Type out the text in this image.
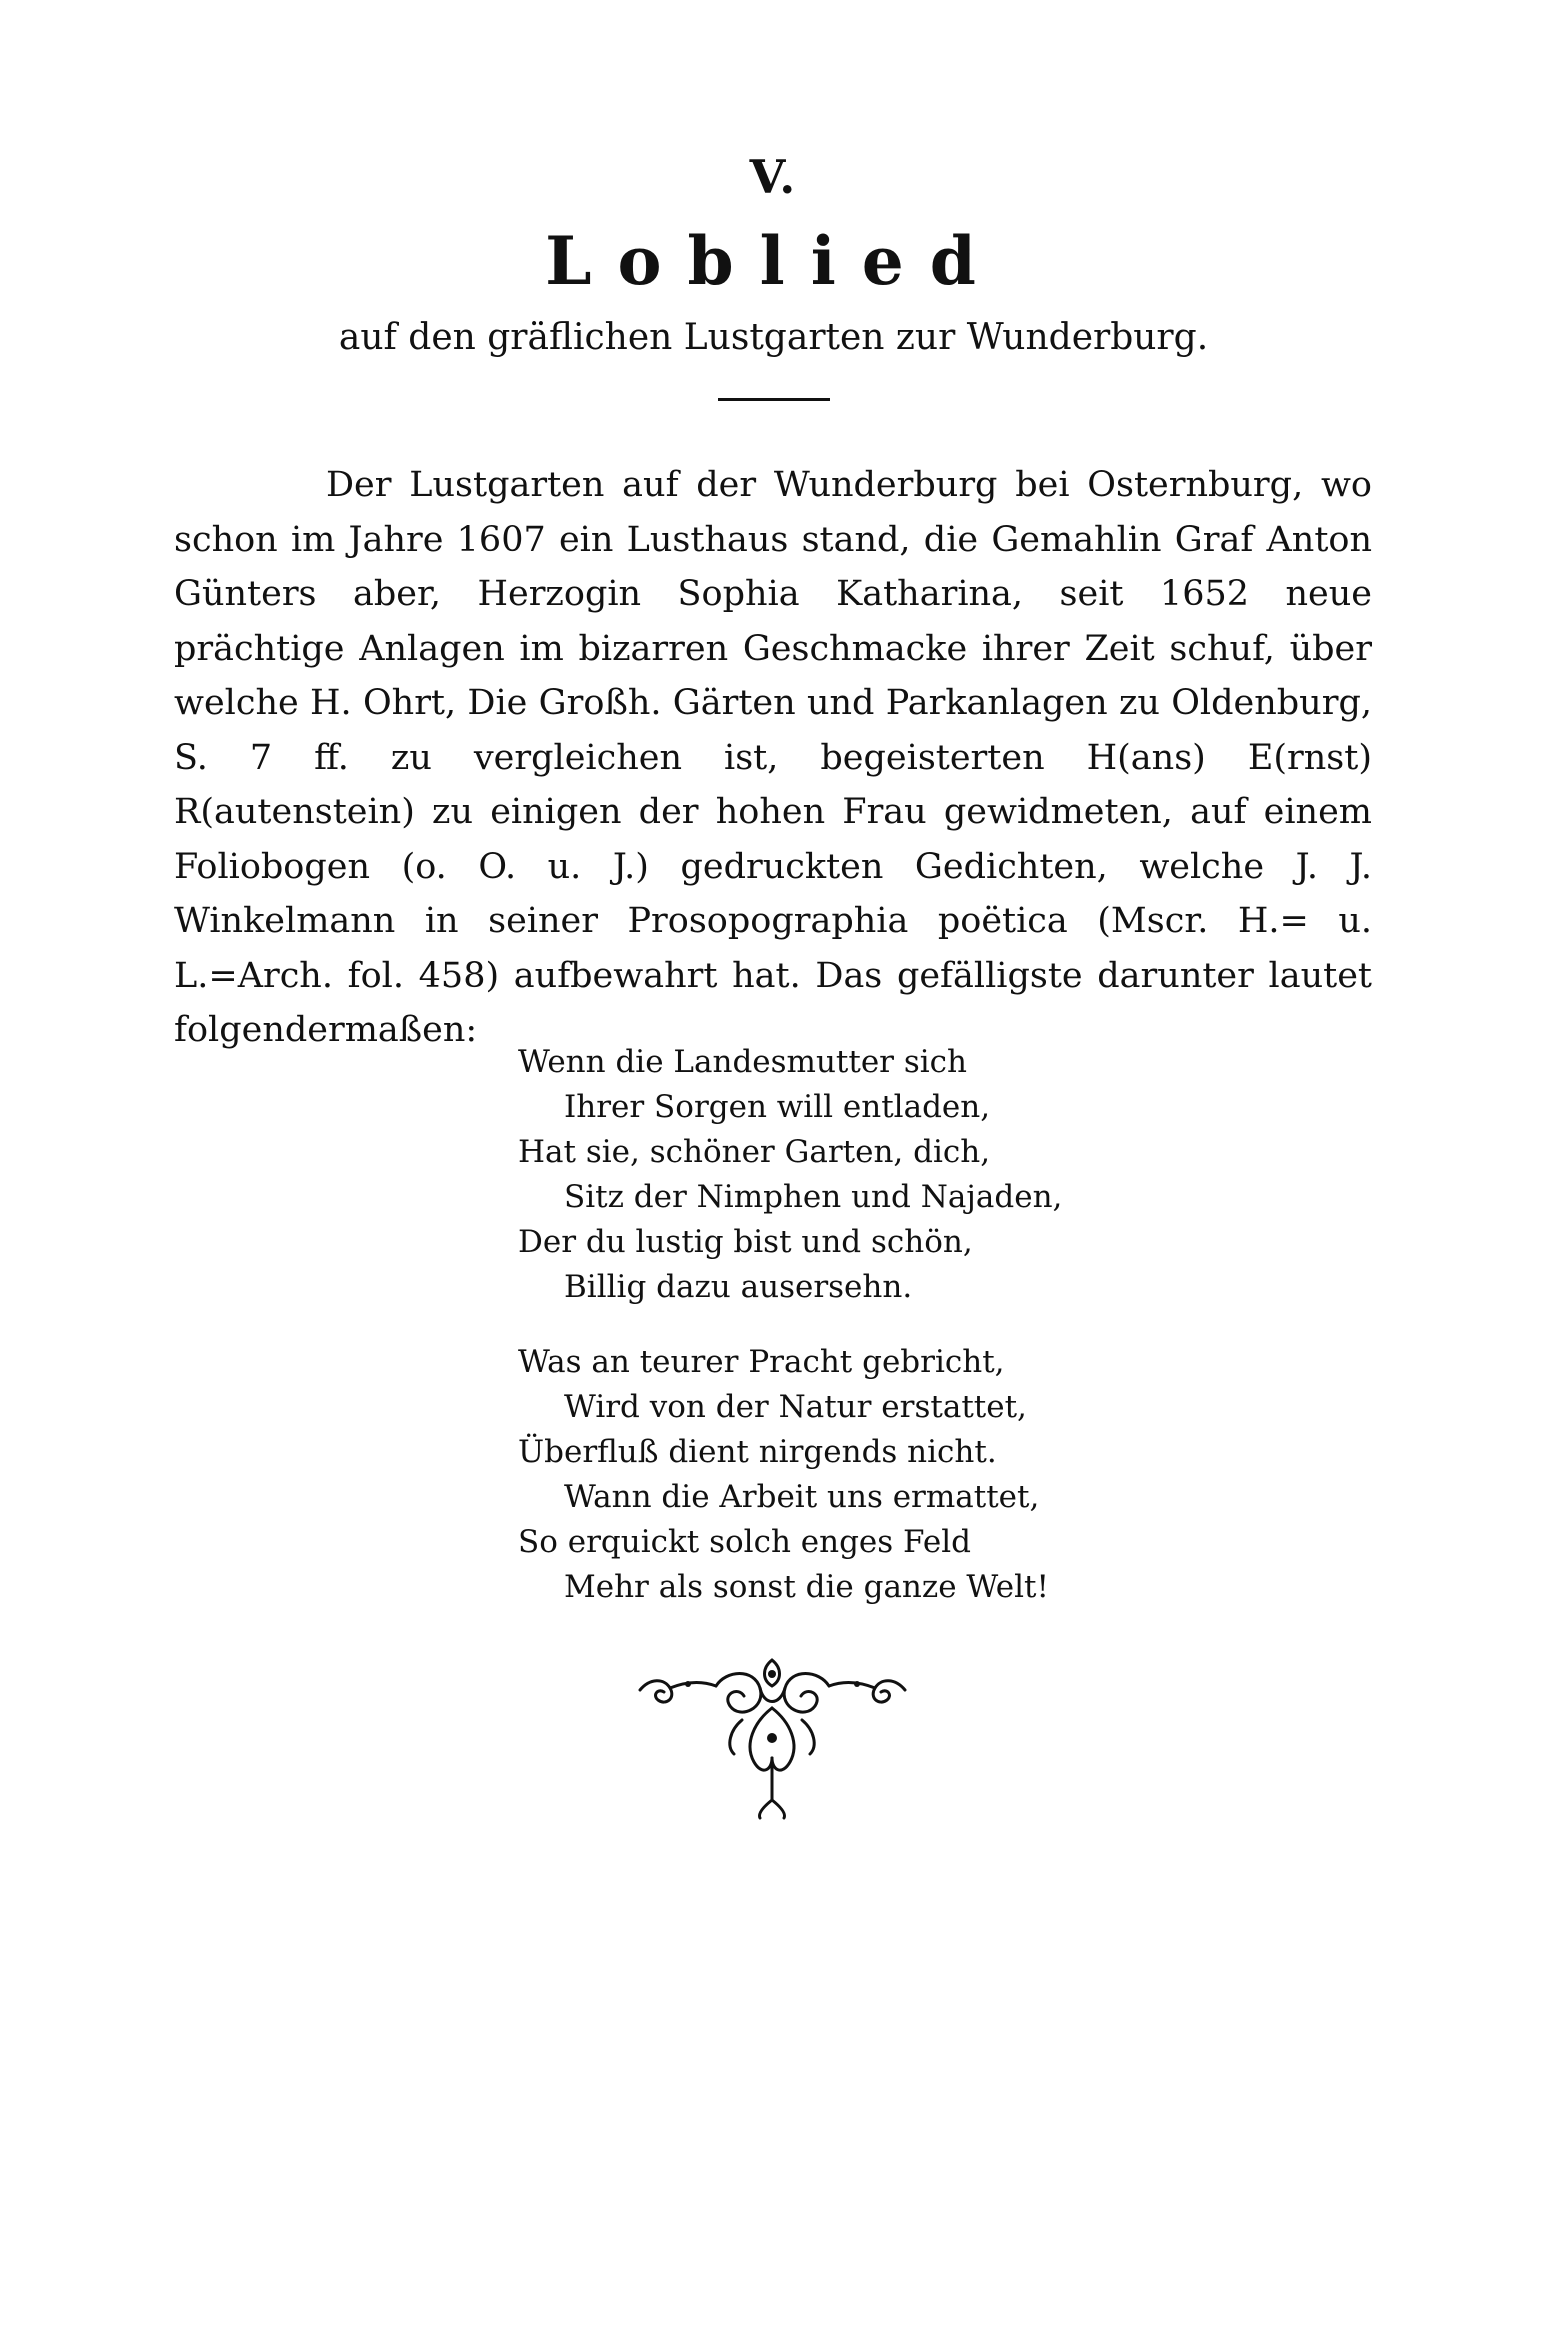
V.
Loblied
auf den gräflichen Lustgarten zur Wunderburg.
Der Lustgarten auf der Wunderburg bei Osternburg, wo schon im Jahre 1607 ein Lusthaus stand, die Gemahlin Graf Anton Günters aber, Herzogin Sophia Katharina, seit 1652 neue prächtige Anlagen im bizarren Geschmacke ihrer Zeit schuf, über welche H. Ohrt, Die Großh. Gärten und Parkanlagen zu Oldenburg, S. 7 ff. zu vergleichen ist, begeisterten H(ans) E(rnst) R(autenstein) zu einigen der hohen Frau gewidmeten, auf einem Foliobogen (o. O. u. J.) gedruckten Gedichten, welche J. J. Winkelmann in seiner Prosopographia poëtica (Mscr. H.= u. L.=Arch. fol. 458) aufbewahrt hat. Das gefälligste darunter lautet folgendermaßen:
Wenn die Landesmutter sich
Ihrer Sorgen will entladen,
Hat sie, schöner Garten, dich,
Sitz der Nimphen und Najaden,
Der du lustig bist und schön,
Billig dazu ausersehn.
Was an teurer Pracht gebricht,
Wird von der Natur erstattet,
Überfluß dient nirgends nicht.
Wann die Arbeit uns ermattet,
So erquickt solch enges Feld
Mehr als sonst die ganze Welt!
